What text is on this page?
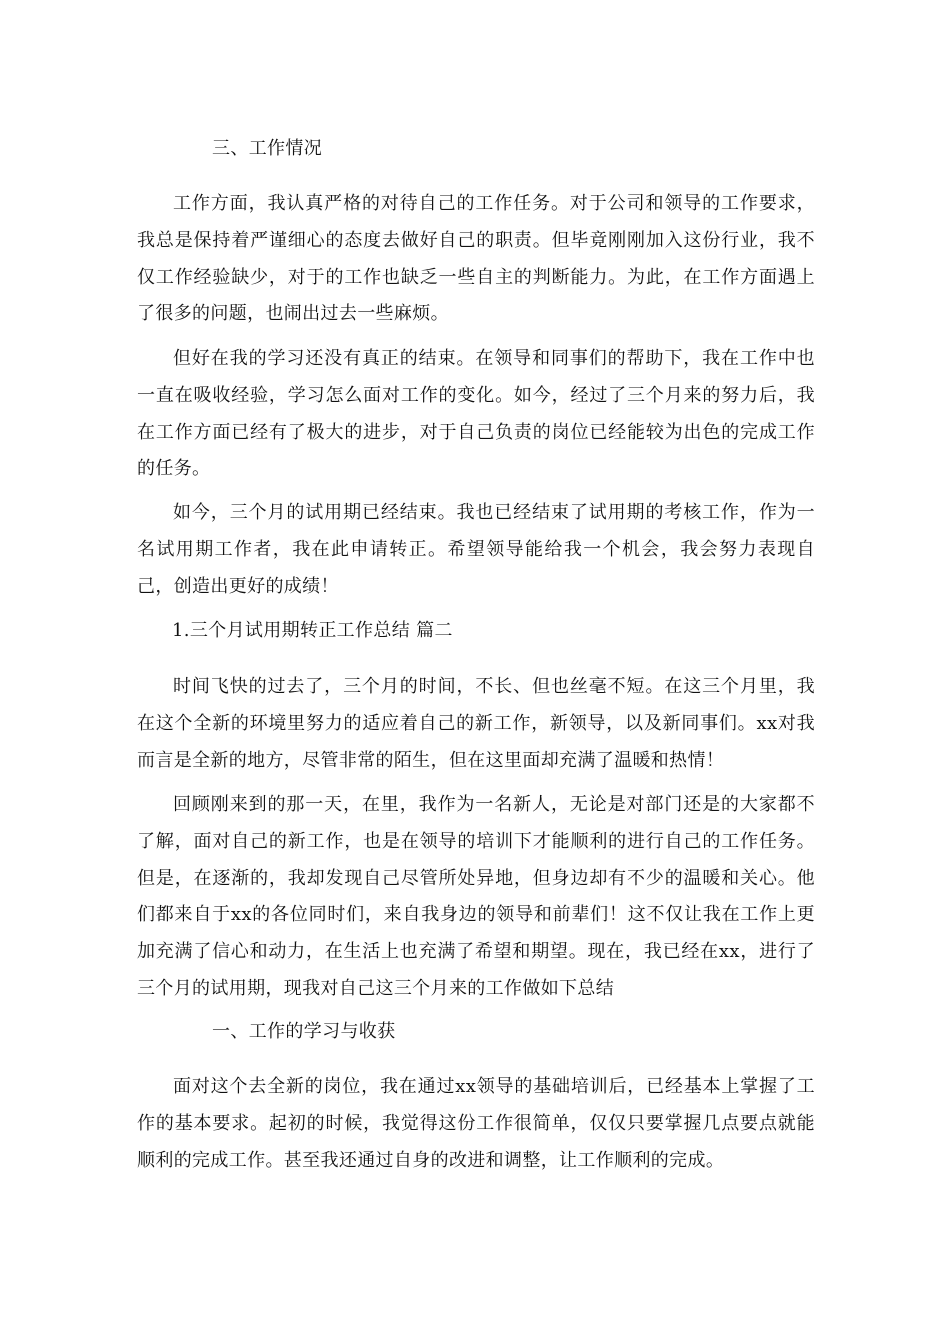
三、工作情况

工作方面，我认真严格的对待自己的工作任务。对于公司和领导的工作要求，我总是保持着严谨细心的态度去做好自己的职责。但毕竟刚刚加入这份行业，我不仅工作经验缺少，对于的工作也缺乏一些自主的判断能力。为此，在工作方面遇上了很多的问题，也闹出过去一些麻烦。

但好在我的学习还没有真正的结束。在领导和同事们的帮助下，我在工作中也一直在吸收经验，学习怎么面对工作的变化。如今，经过了三个月来的努力后，我在工作方面已经有了极大的进步，对于自己负责的岗位已经能较为出色的完成工作的任务。

如今，三个月的试用期已经结束。我也已经结束了试用期的考核工作，作为一名试用期工作者，我在此申请转正。希望领导能给我一个机会，我会努力表现自己，创造出更好的成绩！

1.三个月试用期转正工作总结 篇二

时间飞快的过去了，三个月的时间，不长、但也丝毫不短。在这三个月里，我在这个全新的环境里努力的适应着自己的新工作，新领导，以及新同事们。xx对我而言是全新的地方，尽管非常的陌生，但在这里面却充满了温暖和热情！

回顾刚来到的那一天，在里，我作为一名新人，无论是对部门还是的大家都不了解，面对自己的新工作，也是在领导的培训下才能顺利的进行自己的工作任务。但是，在逐渐的，我却发现自己尽管所处异地，但身边却有不少的温暖和关心。他们都来自于xx的各位同时们，来自我身边的领导和前辈们！这不仅让我在工作上更加充满了信心和动力，在生活上也充满了希望和期望。现在，我已经在xx，进行了三个月的试用期，现我对自己这三个月来的工作做如下总结

一、工作的学习与收获

面对这个去全新的岗位，我在通过xx领导的基础培训后，已经基本上掌握了工作的基本要求。起初的时候，我觉得这份工作很简单，仅仅只要掌握几点要点就能顺利的完成工作。甚至我还通过自身的改进和调整，让工作顺利的完成。
